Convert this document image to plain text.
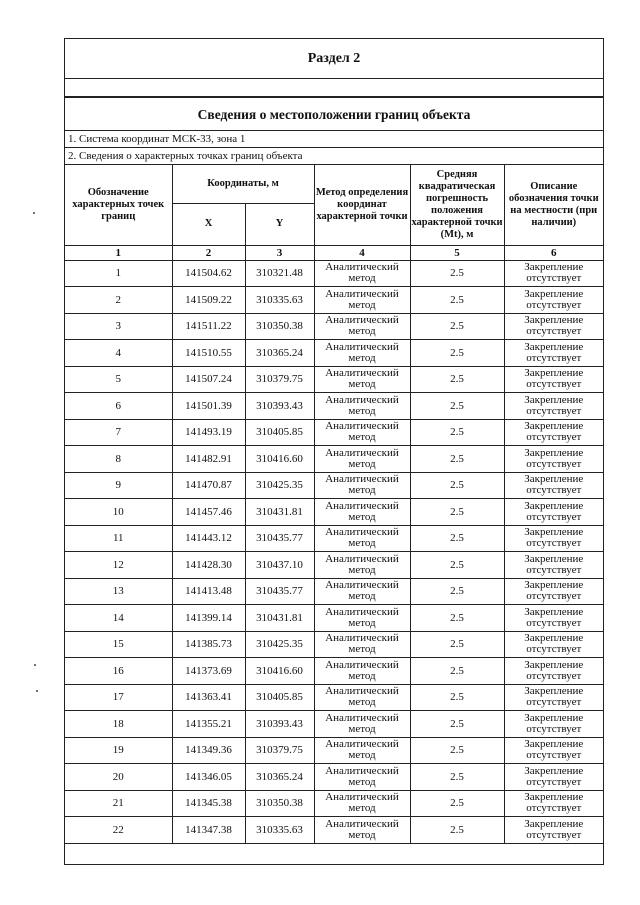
Раздел 2
Сведения о местоположении границ объекта
1. Система координат МСК-33, зона 1
2. Сведения о характерных точках границ объекта
Обозначение характерных точек границ	Координаты, м		Метод определения координат характерной точки	Средняя квадратическая погрешность положения характерной точки (Mt), м	Описание обозначения точки на местности (при наличии)
	X	Y			
1	2	3	4	5	6
1	141504.62	310321.48	Аналитический метод	2.5	Закрепление отсутствует
2	141509.22	310335.63	Аналитический метод	2.5	Закрепление отсутствует
3	141511.22	310350.38	Аналитический метод	2.5	Закрепление отсутствует
4	141510.55	310365.24	Аналитический метод	2.5	Закрепление отсутствует
5	141507.24	310379.75	Аналитический метод	2.5	Закрепление отсутствует
6	141501.39	310393.43	Аналитический метод	2.5	Закрепление отсутствует
7	141493.19	310405.85	Аналитический метод	2.5	Закрепление отсутствует
8	141482.91	310416.60	Аналитический метод	2.5	Закрепление отсутствует
9	141470.87	310425.35	Аналитический метод	2.5	Закрепление отсутствует
10	141457.46	310431.81	Аналитический метод	2.5	Закрепление отсутствует
11	141443.12	310435.77	Аналитический метод	2.5	Закрепление отсутствует
12	141428.30	310437.10	Аналитический метод	2.5	Закрепление отсутствует
13	141413.48	310435.77	Аналитический метод	2.5	Закрепление отсутствует
14	141399.14	310431.81	Аналитический метод	2.5	Закрепление отсутствует
15	141385.73	310425.35	Аналитический метод	2.5	Закрепление отсутствует
16	141373.69	310416.60	Аналитический метод	2.5	Закрепление отсутствует
17	141363.41	310405.85	Аналитический метод	2.5	Закрепление отсутствует
18	141355.21	310393.43	Аналитический метод	2.5	Закрепление отсутствует
19	141349.36	310379.75	Аналитический метод	2.5	Закрепление отсутствует
20	141346.05	310365.24	Аналитический метод	2.5	Закрепление отсутствует
21	141345.38	310350.38	Аналитический метод	2.5	Закрепление отсутствует
22	141347.38	310335.63	Аналитический метод	2.5	Закрепление отсутствует
